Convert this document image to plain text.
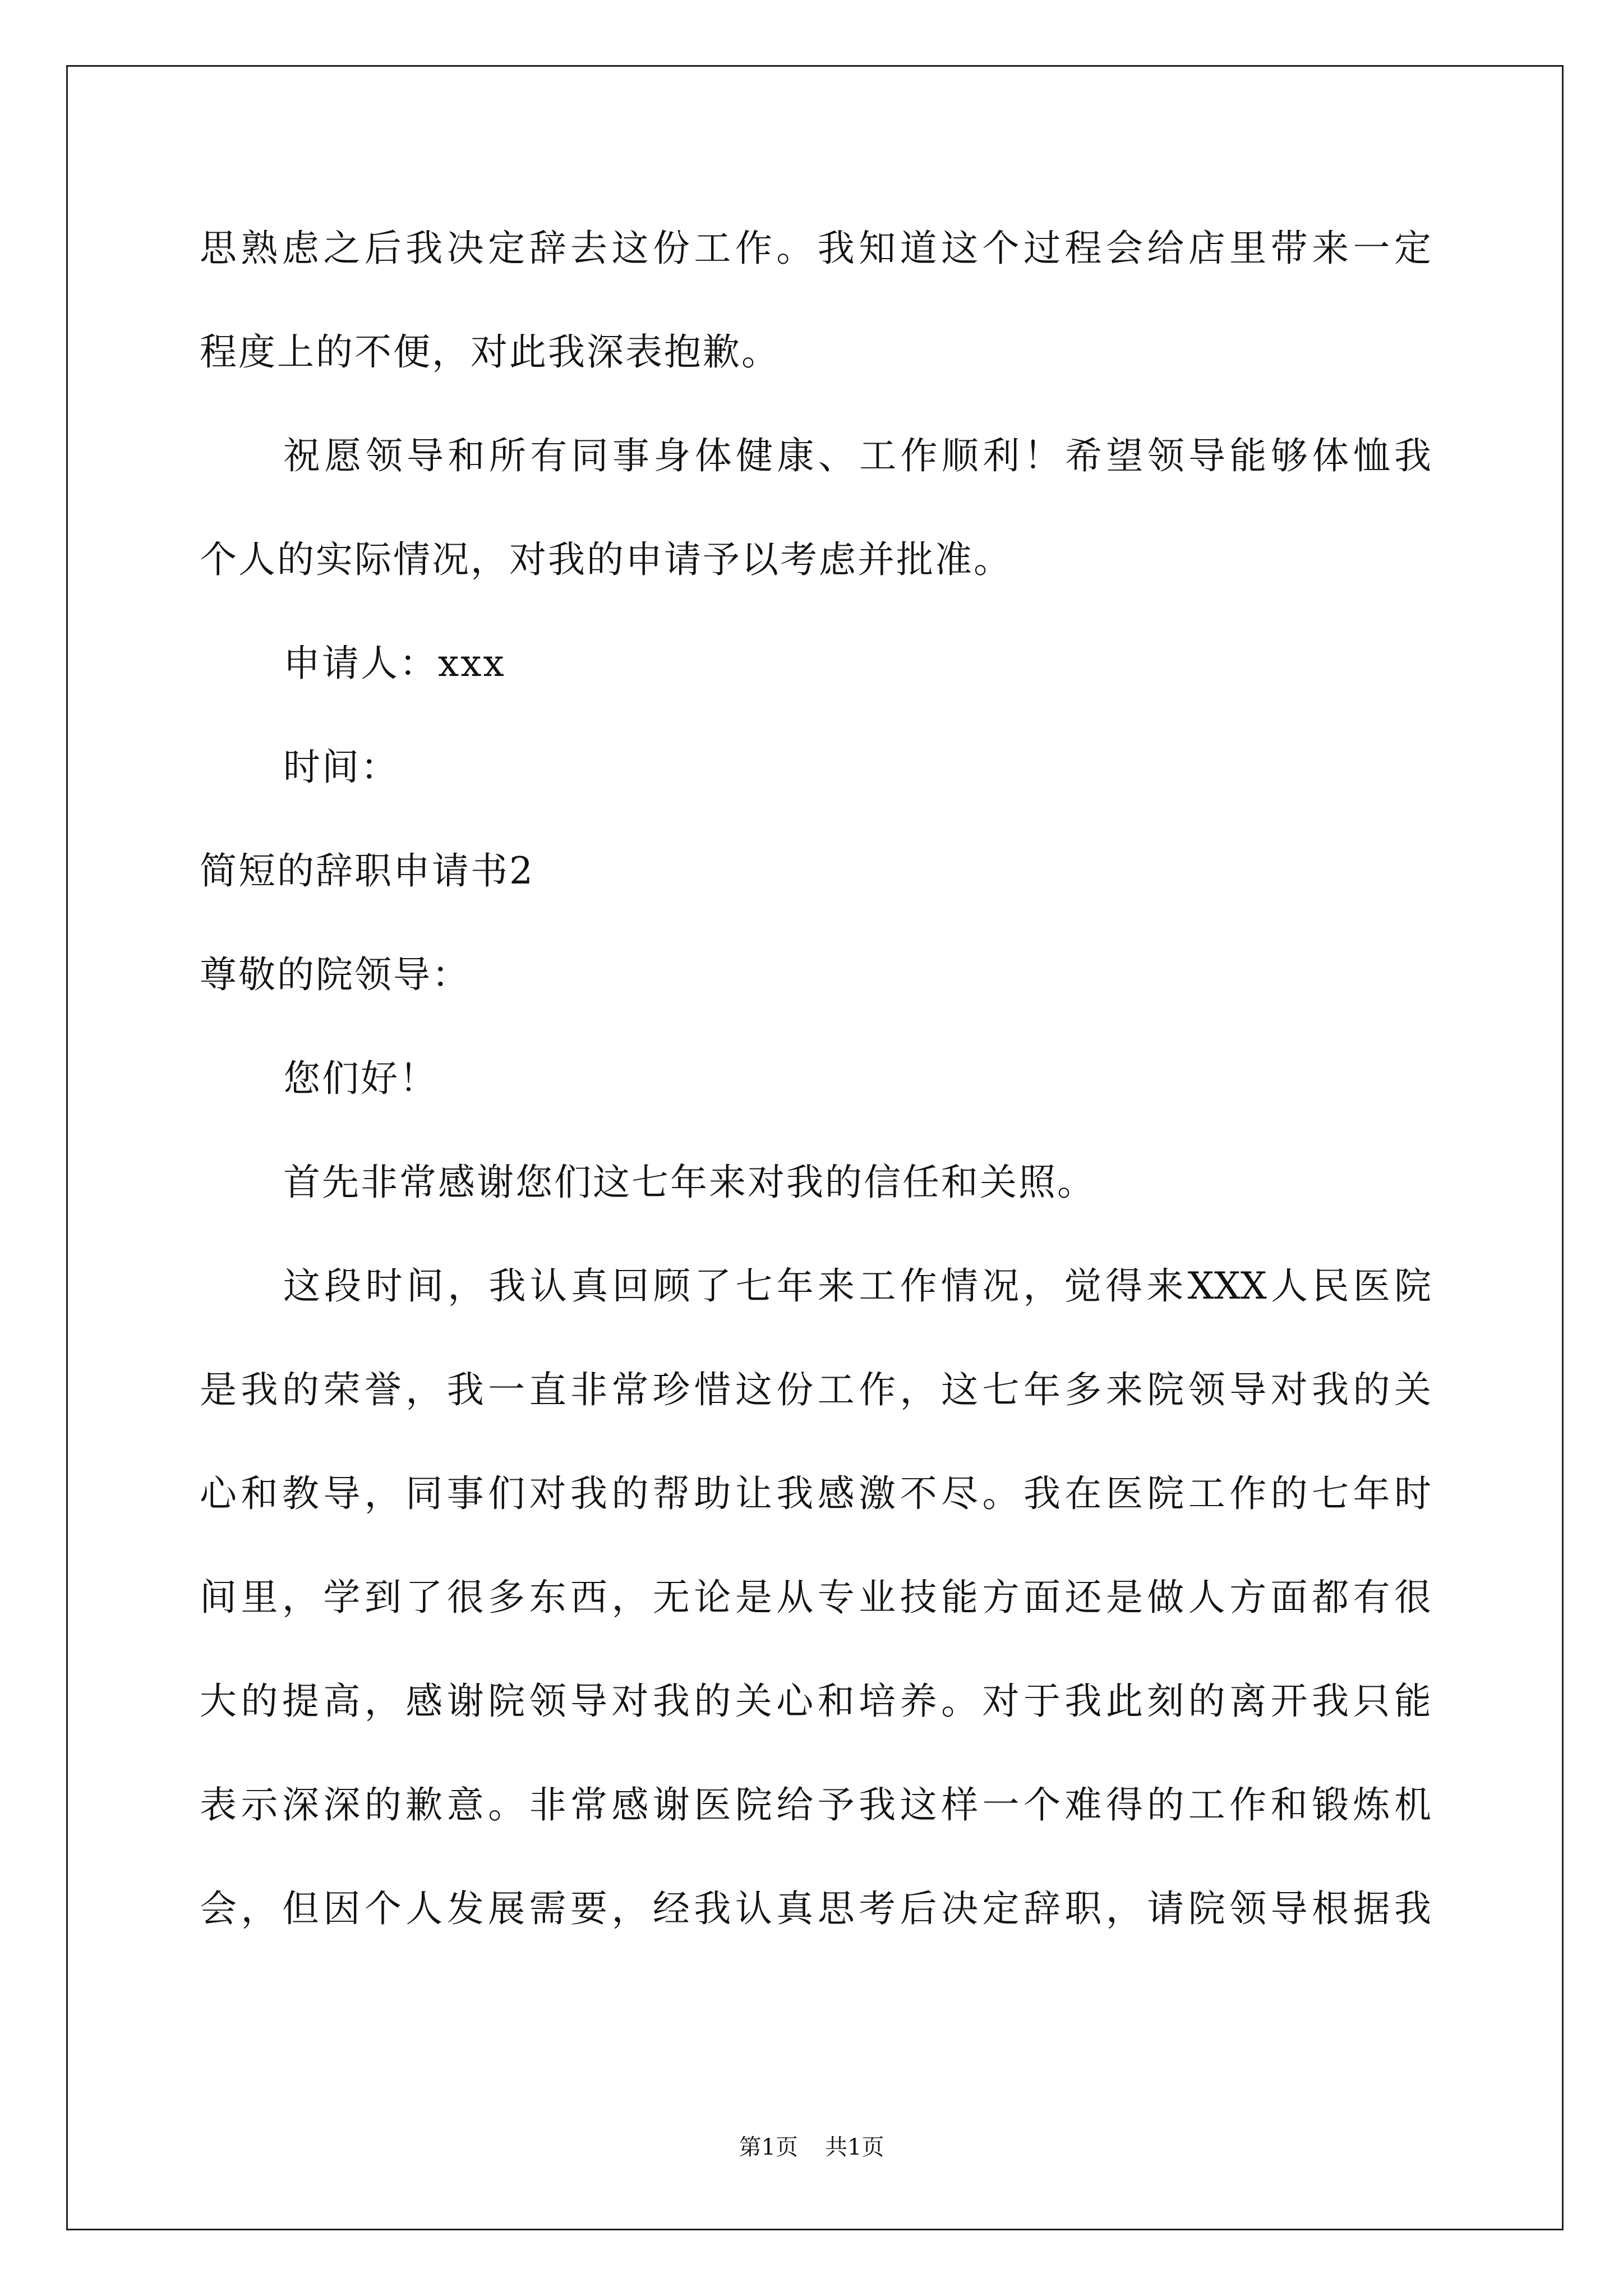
思熟虑之后我决定辞去这份工作。我知道这个过程会给店里带来一定
程度上的不便，对此我深表抱歉。
祝愿领导和所有同事身体健康、工作顺利！希望领导能够体恤我
个人的实际情况，对我的申请予以考虑并批准。
申请人：xxx
时间：
简短的辞职申请书2
尊敬的院领导：
您们好！
首先非常感谢您们这七年来对我的信任和关照。
这段时间，我认真回顾了七年来工作情况，觉得来XXX人民医院
是我的荣誉，我一直非常珍惜这份工作，这七年多来院领导对我的关
心和教导，同事们对我的帮助让我感激不尽。我在医院工作的七年时
间里，学到了很多东西，无论是从专业技能方面还是做人方面都有很
大的提高，感谢院领导对我的关心和培养。对于我此刻的离开我只能
表示深深的歉意。非常感谢医院给予我这样一个难得的工作和锻炼机
会，但因个人发展需要，经我认真思考后决定辞职，请院领导根据我
第1页 共1页
